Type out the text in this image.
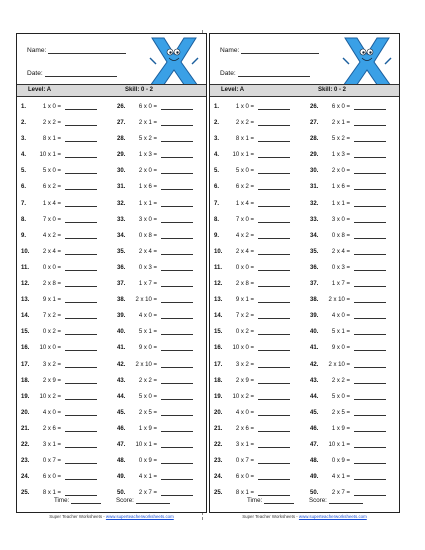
Name:
Date:
Level: A	Skill: 0 - 2
1.	1 x 0 =	26. 6 x 0 =
2.	2 x 2 =	27. 2 x 1 =
3.	8 x 1 =	28. 5 x 2 =
4. 10 x 1 =	29. 1 x 3 =
5.	5 x 0 =	30. 2 x 0 =
6.	6 x 2 =	31. 1 x 6 =
7.	1 x 4 =	32. 1 x 1 =
8.	7 x 0 =	33. 3 x 0 =
9.	4 x 2 =	34. 0 x 8 =
10. 2 x 4 =	35. 2 x 4 =
11. 0 x 0 =	36. 0 x 3 =
12. 2 x 8 =	37. 1 x 7 =
13. 9 x 1 =	38. 2 x 10 =
14. 7 x 2 =	39. 4 x 0 =
15. 0 x 2 =	40. 5 x 1 =
16. 10 x 0 =	41. 9 x 0 =
17. 3 x 2 =	42. 2 x 10 =
18. 2 x 9 =	43. 2 x 2 =
19. 10 x 2 =	44. 5 x 0 =
20. 4 x 0 =	45. 2 x 5 =
21. 2 x 6 =	46. 1 x 9 =
22. 3 x 1 =	47. 10 x 1 =
23. 0 x 7 =	48. 0 x 9 =
24. 6 x 0 =	49. 4 x 1 =
25. 8 x 1 =	50. 2 x 7 =
Time:	Score:
Super Teacher Worksheets - www.superteacherworksheets.com
Name:
Date:
Level: A	Skill: 0 - 2
1.	1 x 0 =	26. 6 x 0 =
2.	2 x 2 =	27. 2 x 1 =
3.	8 x 1 =	28. 5 x 2 =
4. 10 x 1 =	29. 1 x 3 =
5.	5 x 0 =	30. 2 x 0 =
6.	6 x 2 =	31. 1 x 6 =
7.	1 x 4 =	32. 1 x 1 =
8.	7 x 0 =	33. 3 x 0 =
9.	4 x 2 =	34. 0 x 8 =
10. 2 x 4 =	35. 2 x 4 =
11. 0 x 0 =	36. 0 x 3 =
12. 2 x 8 =	37. 1 x 7 =
13. 9 x 1 =	38. 2 x 10 =
14. 7 x 2 =	39. 4 x 0 =
15. 0 x 2 =	40. 5 x 1 =
16. 10 x 0 =	41. 9 x 0 =
17. 3 x 2 =	42. 2 x 10 =
18. 2 x 9 =	43. 2 x 2 =
19. 10 x 2 =	44. 5 x 0 =
20. 4 x 0 =	45. 2 x 5 =
21. 2 x 6 =	46. 1 x 9 =
22. 3 x 1 =	47. 10 x 1 =
23. 0 x 7 =	48. 0 x 9 =
24. 6 x 0 =	49. 4 x 1 =
25. 8 x 1 =	50. 2 x 7 =
Time:	Score:
Super Teacher Worksheets - www.superteacherworksheets.com
